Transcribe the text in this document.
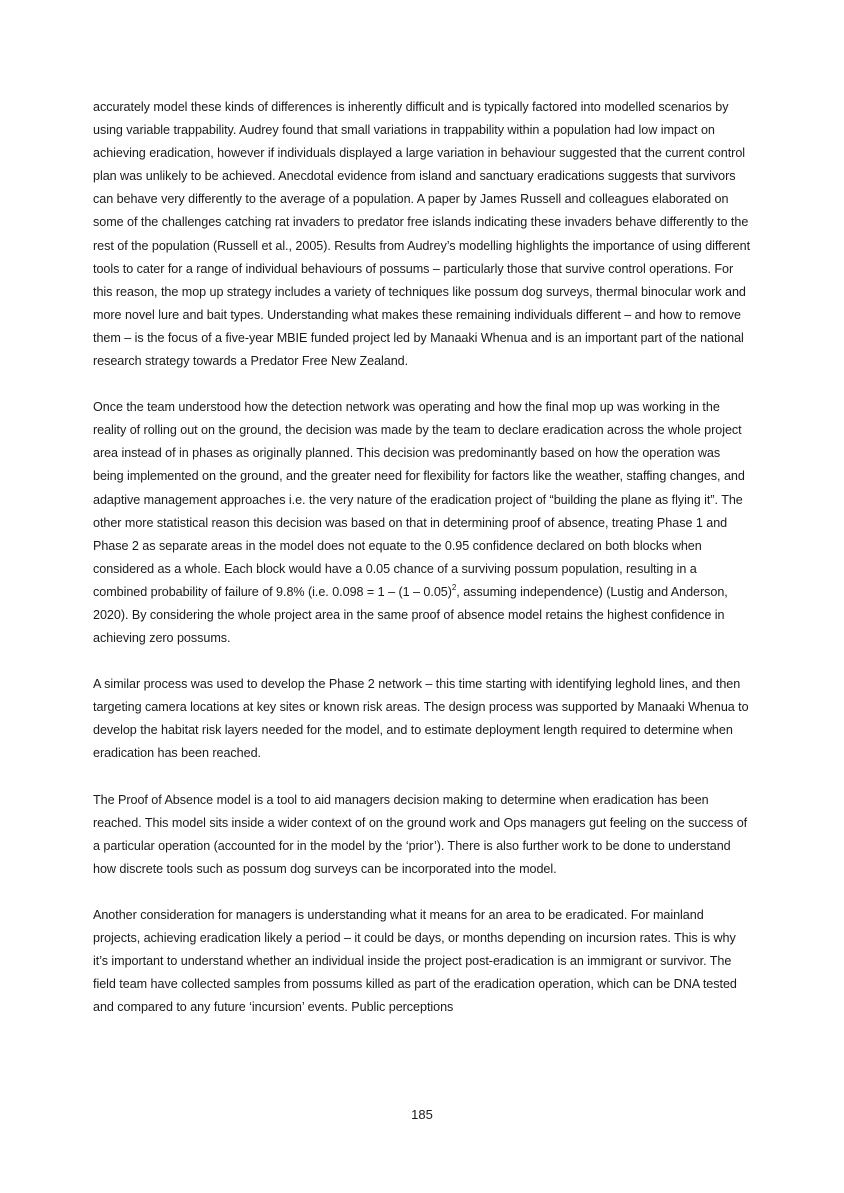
accurately model these kinds of differences is inherently difficult and is typically factored into modelled scenarios by using variable trappability. Audrey found that small variations in trappability within a population had low impact on achieving eradication, however if individuals displayed a large variation in behaviour suggested that the current control plan was unlikely to be achieved. Anecdotal evidence from island and sanctuary eradications suggests that survivors can behave very differently to the average of a population. A paper by James Russell and colleagues elaborated on some of the challenges catching rat invaders to predator free islands indicating these invaders behave differently to the rest of the population (Russell et al., 2005). Results from Audrey’s modelling highlights the importance of using different tools to cater for a range of individual behaviours of possums – particularly those that survive control operations. For this reason, the mop up strategy includes a variety of techniques like possum dog surveys, thermal binocular work and more novel lure and bait types. Understanding what makes these remaining individuals different – and how to remove them – is the focus of a five-year MBIE funded project led by Manaaki Whenua and is an important part of the national research strategy towards a Predator Free New Zealand.

Once the team understood how the detection network was operating and how the final mop up was working in the reality of rolling out on the ground, the decision was made by the team to declare eradication across the whole project area instead of in phases as originally planned. This decision was predominantly based on how the operation was being implemented on the ground, and the greater need for flexibility for factors like the weather, staffing changes, and adaptive management approaches i.e. the very nature of the eradication project of “building the plane as flying it”. The other more statistical reason this decision was based on that in determining proof of absence, treating Phase 1 and Phase 2 as separate areas in the model does not equate to the 0.95 confidence declared on both blocks when considered as a whole. Each block would have a 0.05 chance of a surviving possum population, resulting in a combined probability of failure of 9.8% (i.e. 0.098 = 1 – (1 – 0.05)$^2$, assuming independence) (Lustig and Anderson, 2020). By considering the whole project area in the same proof of absence model retains the highest confidence in achieving zero possums.

A similar process was used to develop the Phase 2 network – this time starting with identifying leghold lines, and then targeting camera locations at key sites or known risk areas. The design process was supported by Manaaki Whenua to develop the habitat risk layers needed for the model, and to estimate deployment length required to determine when eradication has been reached.

The Proof of Absence model is a tool to aid managers decision making to determine when eradication has been reached. This model sits inside a wider context of on the ground work and Ops managers gut feeling on the success of a particular operation (accounted for in the model by the ‘prior’). There is also further work to be done to understand how discrete tools such as possum dog surveys can be incorporated into the model.

Another consideration for managers is understanding what it means for an area to be eradicated. For mainland projects, achieving eradication likely a period – it could be days, or months depending on incursion rates. This is why it’s important to understand whether an individual inside the project post-eradication is an immigrant or survivor. The field team have collected samples from possums killed as part of the eradication operation, which can be DNA tested and compared to any future ‘incursion’ events. Public perceptions

185
